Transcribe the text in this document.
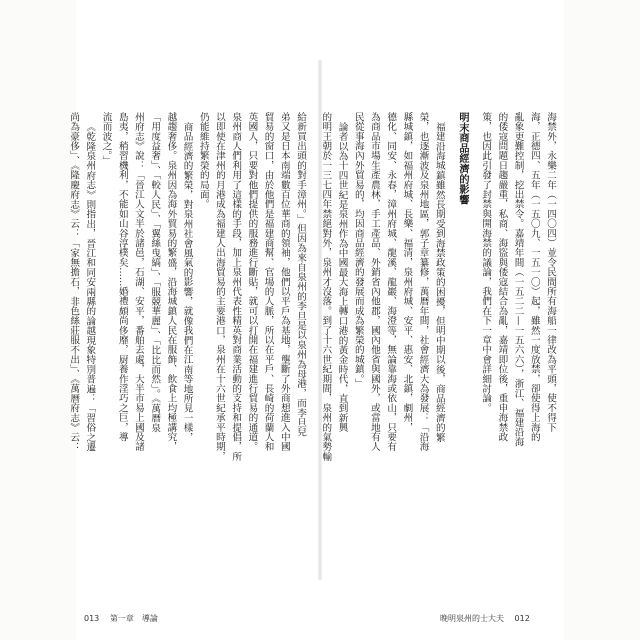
給新買出頭的對手漳州。」但因為來自泉州的李旦是以泉州為母港，而李旦兒
弟又是日本南端數百位華商的領袖，他們以平戶為基地，壟斷了外商想進入中國
貿易的窗口，由於他們是福建商幫、官場的人脈，所以在平戶、長崎的荷蘭人和
英國人，只要對他們提供的服務進行斷貼，就可以打開在福建進行貿易的通道。
泉州商人們利用了這樣的手段，加上泉州代表性精英對商業活動的支持和提倡，所
以即使在津州的月港成為福建人出海貿易的主要港口，泉州在十六世紀承平時期，
仍能維持繁榮的局面。
商品經濟的繁榮，對泉州社會風氣的影響，就像我們在江南等地所見一樣，
越趨奢侈。泉州因為海外貿易的繁盛，沿海城鎮人民在服飾、飲食上均極講究，
「用度益奢」、「較人民」、「翼絲曳縞」、「服競華麗」、「比比而然」。《萬曆泉
州府志》說：「晉江人文半於諸邑，石湖、安平，番舶去處，大半市易上國及諸
島夷，稍習機利，不能如山谷淳樸矣……婚禮頗尚侈靡，厨養作淫巧之巨，導
流而波之。」
《乾隆泉州府志》則指出，晉江和同安兩縣的論越現象特別普遍：「習俗之遷
尚為豪侈」、《隆慶府志》云：「家無擔石，非色絲莊服不出」、《萬曆府志》云：	海禁外，永樂二年（一四〇四）並令民間所有海船一律改為平頭，使不得下
海，正德四、五年（一五〇九、一五一〇）起，雖然一度放禁，卻使得上海的
亂象更難控制，挖出禁令。嘉靖年間（一五二二—一五六六），浙江、福建沿海
的倭寇問題日趨嚴重，私商、海盜與倭寇結合為亂，嘉靖即位後，重申海禁政
策，也因此引發了封禁與開海禁的議論，我們在下一章中會詳細討論。
明末商品經濟的影響
福建沿海城鎮雖然長期受到海禁政策的困擾，但明中期以後，商品經濟的繁
榮，也逐漸波及泉州地區，郭子章纂修，萬曆年間，社會經濟大為發展：「沿海
縣城鎮，如福州府城、長樂、福清，泉州府城、安平、惠安、北鎮，劇州，
德化、同安、永春，漳州府城、龍溪、龍巖、海澄等，無論靠海或依山，只要有
為商品市場生產農林，手工產品、外銷省內他郡，國內他省與國外，或當地有人
民從事海內外貿易的，均因商品經濟的發展而成為繁榮的城鎮。」
論者以為十四世紀是泉州作為中國最大海上轉口港的黃金時代，直到新興
的明王朝於一三七四年禁絕對外，泉州才沒落。到了十六世紀期間，泉州的氣勢輸
013 第一章　導論	晚明泉州的士大夫 012
